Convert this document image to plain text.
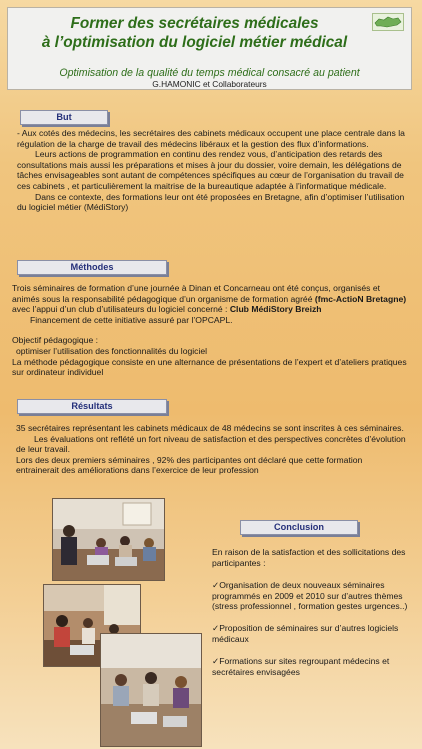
Former des secrétaires médicales
à l’optimisation du logiciel métier médical
Optimisation de la qualité du temps médical consacré au patient
G.HAMONIC et Collaborateurs
But

- Aux cotés des médecins, les secrétaires des cabinets médicaux occupent une place centrale dans la régulation de la charge de travail des médecins libéraux et la gestion des flux d’informations.

Leurs actions de programmation en continu des rendez vous, d’anticipation des retards des consultations mais aussi les préparations et mises à jour du dossier, voire demain, les délégations de tâches envisageables sont autant de compétences spécifiques au cœur de l’organisation du travail de ces cabinets , et particulièrement la maitrise de la bureautique adaptée à l’informatique médicale.

Dans ce contexte, des formations leur ont été proposées en Bretagne, afin d’optimiser l’utilisation du logiciel métier (MédiStory)

Méthodes

Trois séminaires de formation d’une journée à Dinan et Concarneau ont été conçus, organisés et animés sous la responsabilité pédagogique d’un organisme de formation agréé (fmc-ActioN Bretagne) avec l’appui d’un club d’utilisateurs du logiciel concerné : Club MédiStory Breizh

Financement de cette initiative assuré par l’OPCAPL.

Objectif pédagogique :

optimiser l’utilisation des fonctionnalités du logiciel

La méthode pédagogique consiste en une alternance de présentations de l’expert et d’ateliers pratiques sur ordinateur individuel

Résultats

35 secrétaires représentant les cabinets médicaux de 48 médecins se sont inscrites à ces séminaires.

Les évaluations ont reflété un fort niveau de satisfaction et des perspectives concrètes d’évolution de leur travail.

Lors des deux premiers séminaires , 92% des participantes ont déclaré que cette formation entrainerait des améliorations dans l’exercice de leur profession

Conclusion

En raison de la satisfaction et des sollicitations des participantes :

✓Organisation de deux nouveaux séminaires programmés en 2009 et 2010 sur d’autres thèmes (stress professionnel , formation gestes urgences..)

✓Proposition de séminaires sur d’autres logiciels médicaux

✓Formations sur sites regroupant médecins et secrétaires envisagées
